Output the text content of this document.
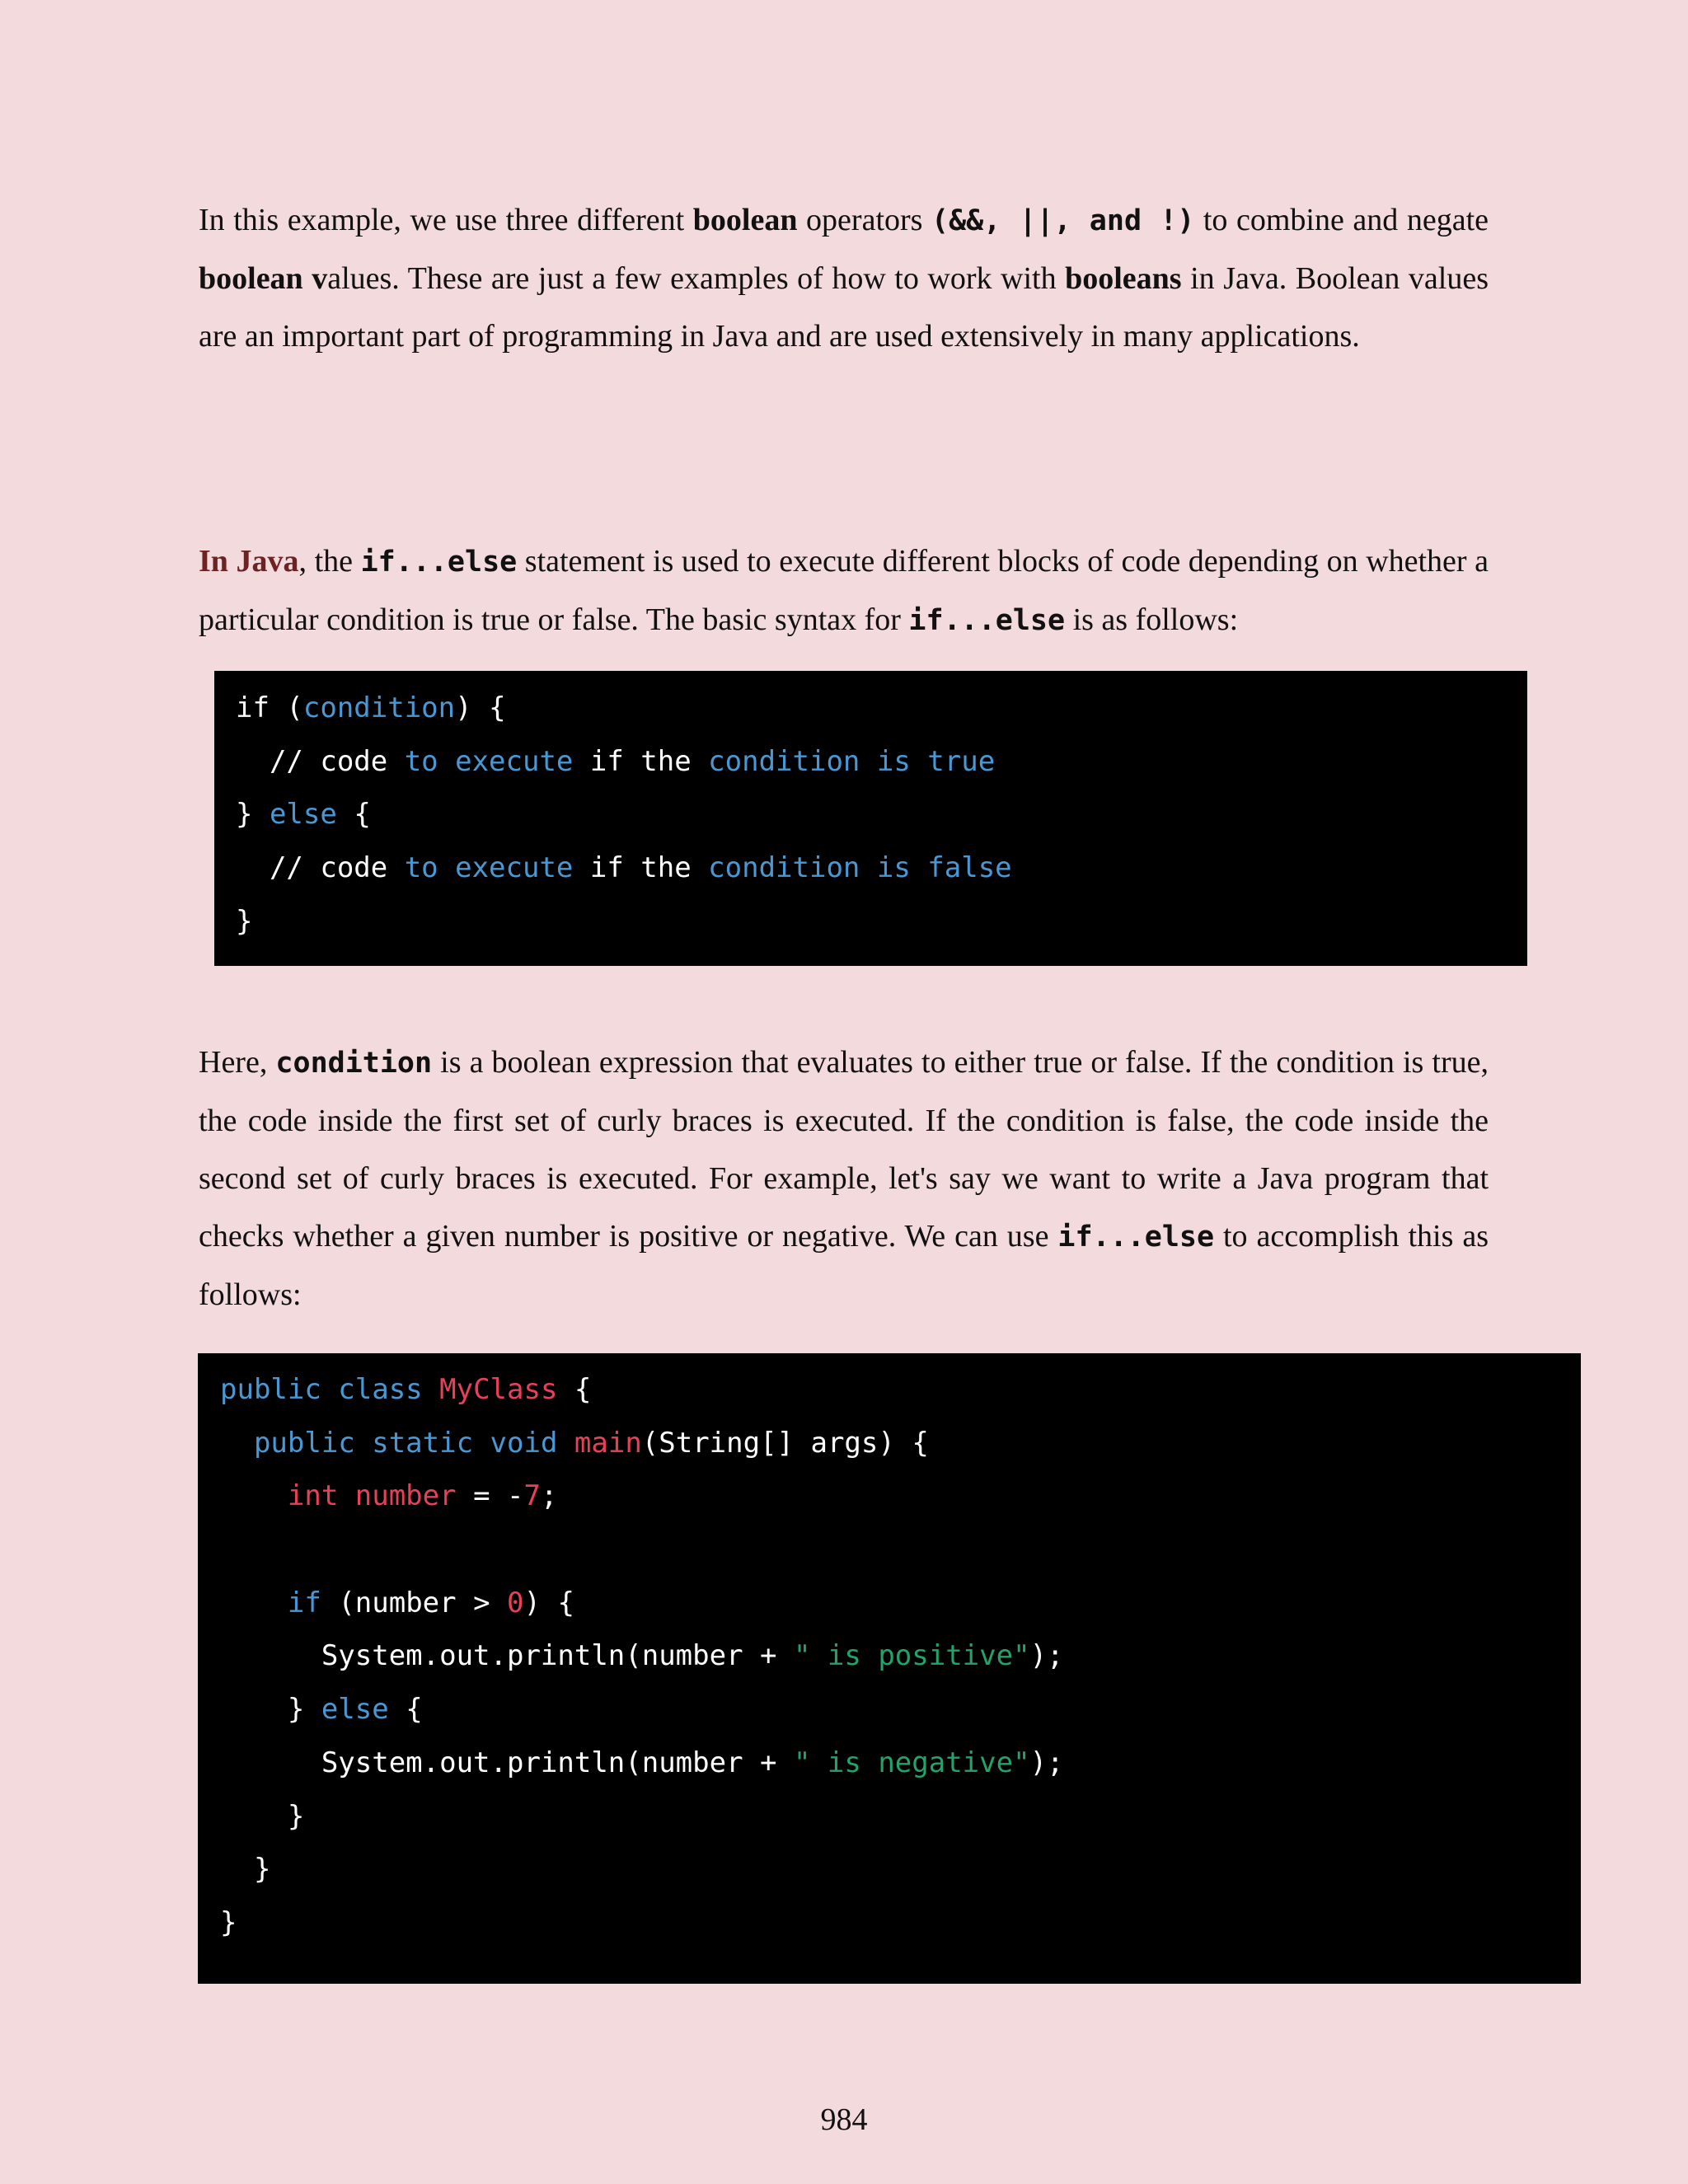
In this example, we use three different boolean operators (&&, ||, and !) to combine and negate boolean values. These are just a few examples of how to work with booleans in Java. Boolean values are an important part of programming in Java and are used extensively in many applications.

In Java, the if...else statement is used to execute different blocks of code depending on whether a particular condition is true or false. The basic syntax for if...else is as follows:

if (condition) {
// code to execute if the condition is true
} else {
// code to execute if the condition is false
}

Here, condition is a boolean expression that evaluates to either true or false. If the condition is true, the code inside the first set of curly braces is executed. If the condition is false, the code inside the second set of curly braces is executed. For example, let's say we want to write a Java program that checks whether a given number is positive or negative. We can use if...else to accomplish this as follows:

public class MyClass {
public static void main(String[] args) {
int number = -7;
if (number > 0) {
System.out.println(number + " is positive");
} else {
System.out.println(number + " is negative");
}
}
}
984
